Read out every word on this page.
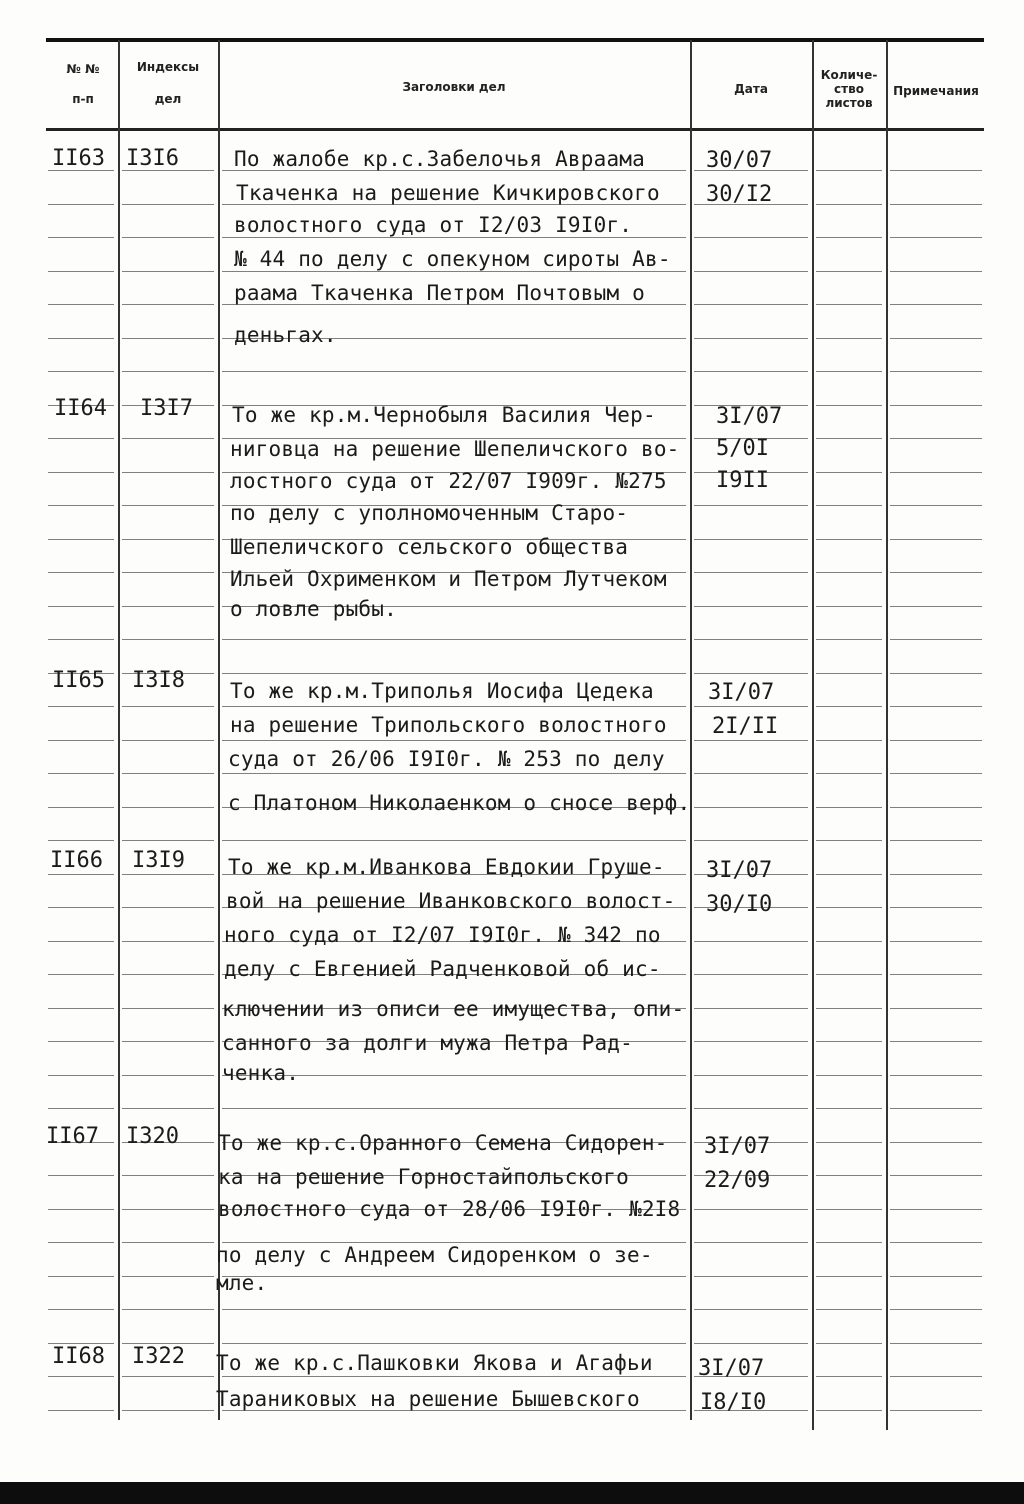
№ №
п-п
Индексы
дел
Заголовки дел	Дата
Количе-
ство
листов
Примечания
II63 I3I6	По жалобе кр.с.Забелочья Авраама
Ткаченка на решение Кичкировского
волостного суда от I2/03 I9I0г.
№ 44 по делу с опекуном сироты Ав-
раама Ткаченка Петром Почтовым о
деньгах.
30/07
30/I2
II64 I3I7 То же кр.м.Чернобыля Василия Чер-
ниговца на решение Шепеличского во-
лостного суда от 22/07 I909г. №275
по делу с уполномоченным Старо-
Шепеличского сельского общества
Ильей Охрименком и Петром Лутчеком
о ловле рыбы.
3I/07
5/0I
I9II
II65 I3I8 То же кр.м.Триполья Иосифа Цедека
на решение Трипольского волостного
суда от 26/06 I9I0г. № 253 по делу
с Платоном Николаенком о сносе верф.
3I/07
2I/II
II66 I3I9 То же кр.м.Иванкова Евдокии Груше-
вой на решение Иванковского волост-
ного суда от I2/07 I9I0г. № 342 по
делу с Евгенией Радченковой об ис-
ключении из описи ее имущества, опи-
санного за долги мужа Петра Рад-
ченка.
3I/07
30/I0
II67 I320 То же кр.с.Оранного Семена Сидорен-
ка на решение Горностайпольского
волостного суда от 28/06 I9I0г. №2I8
по делу с Андреем Сидоренком о зе-
мле.
3I/07
22/09
II68 I322 То же кр.с.Пашковки Якова и Агафьи
Тараниковых на решение Бышевского
3I/07
I8/I0
